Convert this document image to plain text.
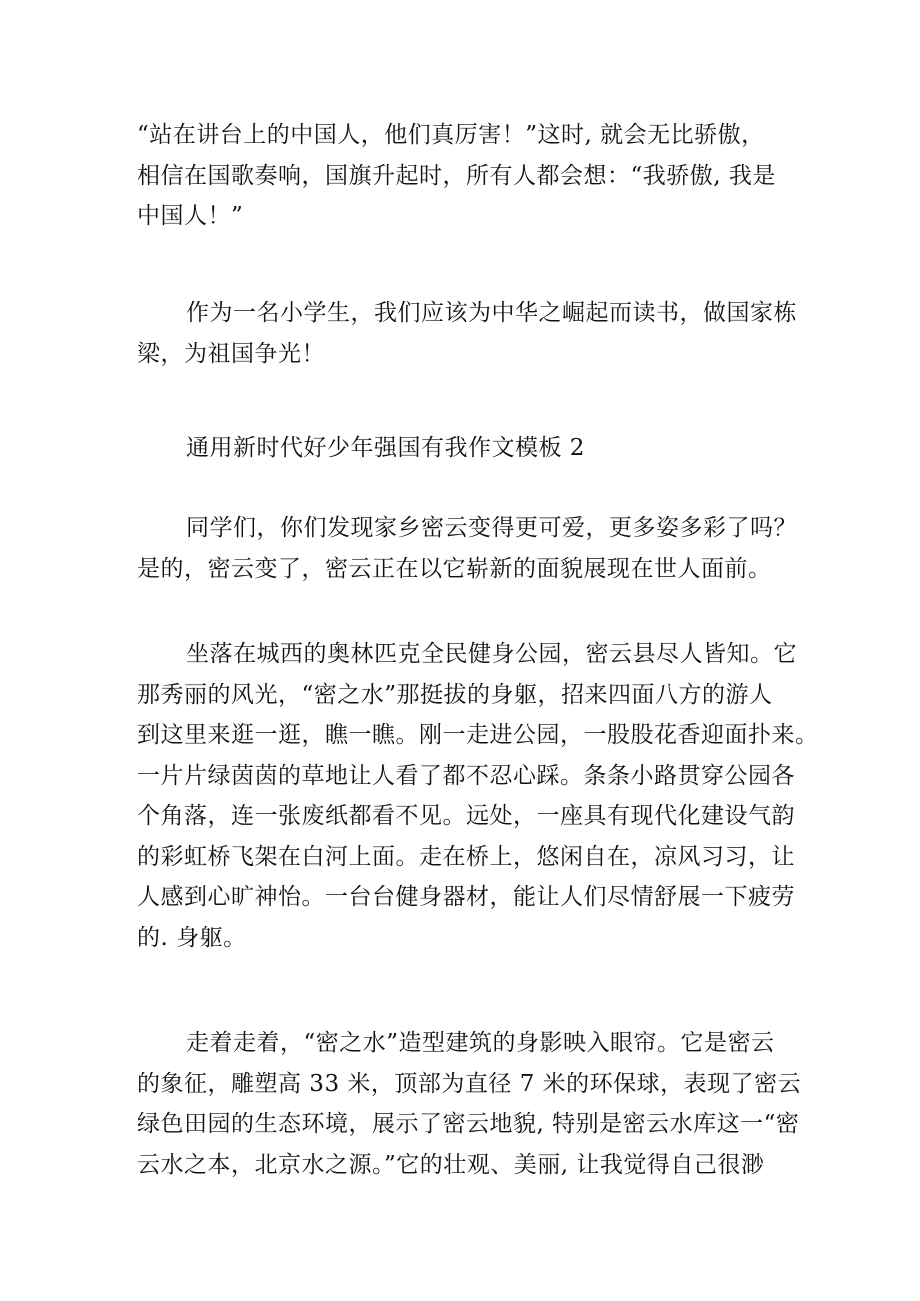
“站在讲台上的中国人，他们真厉害！”这时, 就会无比骄傲，
相信在国歌奏响，国旗升起时，所有人都会想：“我骄傲, 我是
中国人！”

作为一名小学生，我们应该为中华之崛起而读书，做国家栋
梁，为祖国争光！

通用新时代好少年强国有我作文模板 2

同学们，你们发现家乡密云变得更可爱，更多姿多彩了吗？
是的，密云变了，密云正在以它崭新的面貌展现在世人面前。

坐落在城西的奥林匹克全民健身公园，密云县尽人皆知。它
那秀丽的风光，“密之水”那挺拔的身躯，招来四面八方的游人
到这里来逛一逛，瞧一瞧。刚一走进公园，一股股花香迎面扑来。
一片片绿茵茵的草地让人看了都不忍心踩。条条小路贯穿公园各
个角落，连一张废纸都看不见。远处，一座具有现代化建设气韵
的彩虹桥飞架在白河上面。走在桥上，悠闲自在，凉风习习，让
人感到心旷神怡。一台台健身器材，能让人们尽情舒展一下疲劳
的. 身躯。

走着走着，“密之水”造型建筑的身影映入眼帘。它是密云
的象征，雕塑高 33 米，顶部为直径 7 米的环保球，表现了密云
绿色田园的生态环境，展示了密云地貌, 特别是密云水库这一“密
云水之本，北京水之源。”它的壮观、美丽, 让我觉得自己很渺
